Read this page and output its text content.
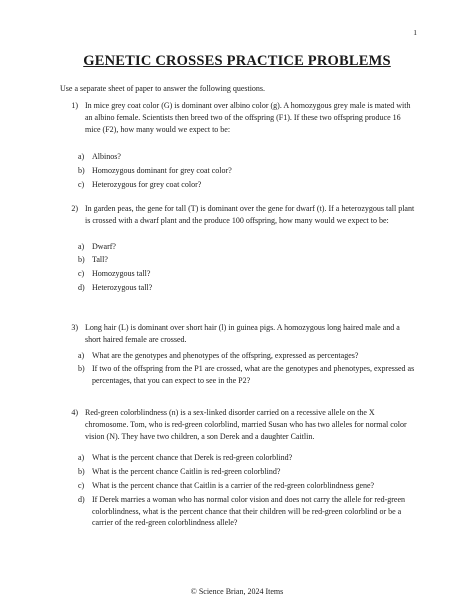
1
GENETIC CROSSES PRACTICE PROBLEMS
Use a separate sheet of paper to answer the following questions.
1) In mice grey coat color (G) is dominant over albino color (g). A homozygous grey male is mated with an albino female. Scientists then breed two of the offspring (F1). If these two offspring produce 16 mice (F2), how many would we expect to be:
a) Albinos?
b) Homozygous dominant for grey coat color?
c) Heterozygous for grey coat color?
2) In garden peas, the gene for tall (T) is dominant over the gene for dwarf (t). If a heterozygous tall plant is crossed with a dwarf plant and the produce 100 offspring, how many would we expect to be:
a) Dwarf?
b) Tall?
c) Homozygous tall?
d) Heterozygous tall?
3) Long hair (L) is dominant over short hair (l) in guinea pigs. A homozygous long haired male and a short haired female are crossed.
a) What are the genotypes and phenotypes of the offspring, expressed as percentages?
b) If two of the offspring from the P1 are crossed, what are the genotypes and phenotypes, expressed as percentages, that you can expect to see in the P2?
4) Red-green colorblindness (n) is a sex-linked disorder carried on a recessive allele on the X chromosome. Tom, who is red-green colorblind, married Susan who has two alleles for normal color vision (N). They have two children, a son Derek and a daughter Caitlin.
a) What is the percent chance that Derek is red-green colorblind?
b) What is the percent chance Caitlin is red-green colorblind?
c) What is the percent chance that Caitlin is a carrier of the red-green colorblindness gene?
d) If Derek marries a woman who has normal color vision and does not carry the allele for red-green colorblindness, what is the percent chance that their children will be red-green colorblind or be a carrier of the red-green colorblindness allele?
© Science Brian, 2024 Items
